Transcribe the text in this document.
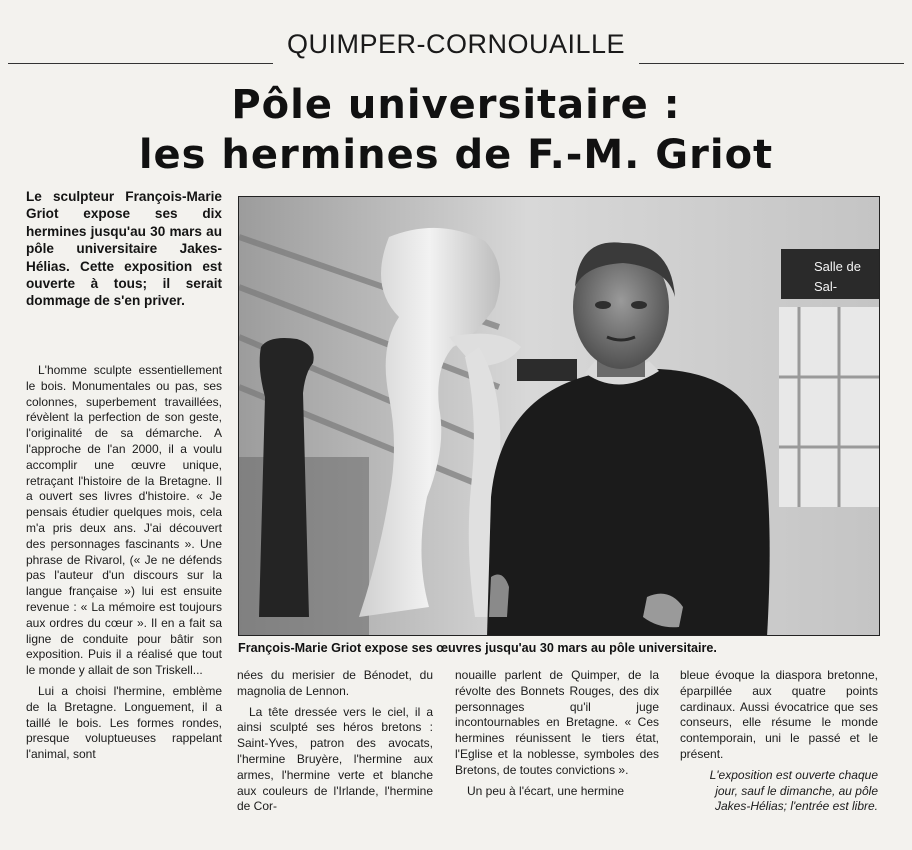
QUIMPER-CORNOUAILLE
Pôle universitaire :
les hermines de F.-M. Griot
Le sculpteur François-Marie Griot expose ses dix hermines jusqu'au 30 mars au pôle universitaire Jakes-Hélias. Cette exposition est ouverte à tous; il serait dommage de s'en priver.

L'homme sculpte essentiellement le bois. Monumentales ou pas, ses colonnes, superbement travaillées, révèlent la perfection de son geste, l'originalité de sa démarche. A l'approche de l'an 2000, il a voulu accomplir une œuvre unique, retraçant l'histoire de la Bretagne. Il a ouvert ses livres d'histoire. « Je pensais étudier quelques mois, cela m'a pris deux ans. J'ai découvert des personnages fascinants ». Une phrase de Rivarol, (« Je ne défends pas l'auteur d'un discours sur la langue française ») lui est ensuite revenue : « La mémoire est toujours aux ordres du cœur ». Il en a fait sa ligne de conduite pour bâtir son exposition. Puis il a réalisé que tout le monde y allait de son Triskell...

Lui a choisi l'hermine, emblème de la Bretagne. Longuement, il a taillé le bois. Les formes rondes, presque voluptueuses rappelant l'animal, sont

Salle de
Sal-
François-Marie Griot expose ses œuvres jusqu'au 30 mars au pôle universitaire.

nées du merisier de Bénodet, du magnolia de Lennon.

La tête dressée vers le ciel, il a ainsi sculpté ses héros bretons : Saint-Yves, patron des avocats, l'hermine Bruyère, l'hermine aux armes, l'hermine verte et blanche aux couleurs de l'Irlande, l'hermine de Cor-

nouaille parlent de Quimper, de la révolte des Bonnets Rouges, des dix personnages qu'il juge incontournables en Bretagne. « Ces hermines réunissent le tiers état, l'Eglise et la noblesse, symboles des Bretons, de toutes convictions ».

Un peu à l'écart, une hermine

bleue évoque la diaspora bretonne, éparpillée aux quatre points cardinaux. Aussi évocatrice que ses conseurs, elle résume le monde contemporain, uni le passé et le présent.

L'exposition est ouverte chaque jour, sauf le dimanche, au pôle Jakes-Hélias; l'entrée est libre.
